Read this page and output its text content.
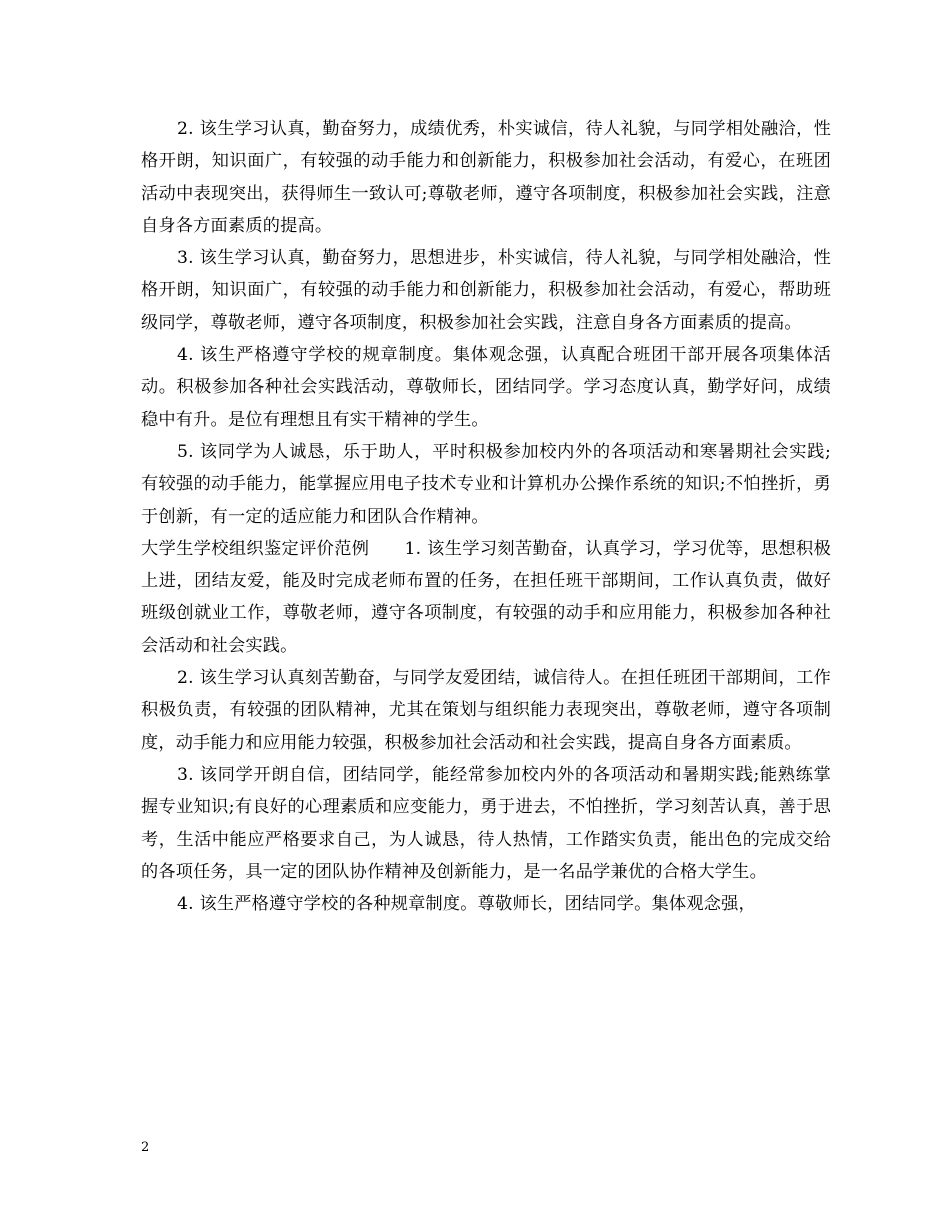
2. 该生学习认真，勤奋努力，成绩优秀，朴实诚信，待人礼貌，与同学相处融洽，性格开朗，知识面广，有较强的动手能力和创新能力，积极参加社会活动，有爱心，在班团活动中表现突出，获得师生一致认可;尊敬老师，遵守各项制度，积极参加社会实践，注意自身各方面素质的提高。

3. 该生学习认真，勤奋努力，思想进步，朴实诚信，待人礼貌，与同学相处融洽，性格开朗，知识面广，有较强的动手能力和创新能力，积极参加社会活动，有爱心，帮助班级同学，尊敬老师，遵守各项制度，积极参加社会实践，注意自身各方面素质的提高。

4. 该生严格遵守学校的规章制度。集体观念强，认真配合班团干部开展各项集体活动。积极参加各种社会实践活动，尊敬师长，团结同学。学习态度认真，勤学好问，成绩稳中有升。是位有理想且有实干精神的学生。

5. 该同学为人诚恳，乐于助人，平时积极参加校内外的各项活动和寒暑期社会实践;有较强的动手能力，能掌握应用电子技术专业和计算机办公操作系统的知识;不怕挫折，勇于创新，有一定的适应能力和团队合作精神。

大学生学校组织鉴定评价范例　　1. 该生学习刻苦勤奋，认真学习，学习优等，思想积极上进，团结友爱，能及时完成老师布置的任务，在担任班干部期间，工作认真负责，做好班级创就业工作，尊敬老师，遵守各项制度，有较强的动手和应用能力，积极参加各种社会活动和社会实践。

2. 该生学习认真刻苦勤奋，与同学友爱团结，诚信待人。在担任班团干部期间，工作积极负责，有较强的团队精神，尤其在策划与组织能力表现突出，尊敬老师，遵守各项制度，动手能力和应用能力较强，积极参加社会活动和社会实践，提高自身各方面素质。

3. 该同学开朗自信，团结同学，能经常参加校内外的各项活动和暑期实践;能熟练掌握专业知识;有良好的心理素质和应变能力，勇于进去，不怕挫折，学习刻苦认真，善于思考，生活中能应严格要求自己，为人诚恳，待人热情，工作踏实负责，能出色的完成交给的各项任务，具一定的团队协作精神及创新能力，是一名品学兼优的合格大学生。

4. 该生严格遵守学校的各种规章制度。尊敬师长，团结同学。集体观念强，

2
